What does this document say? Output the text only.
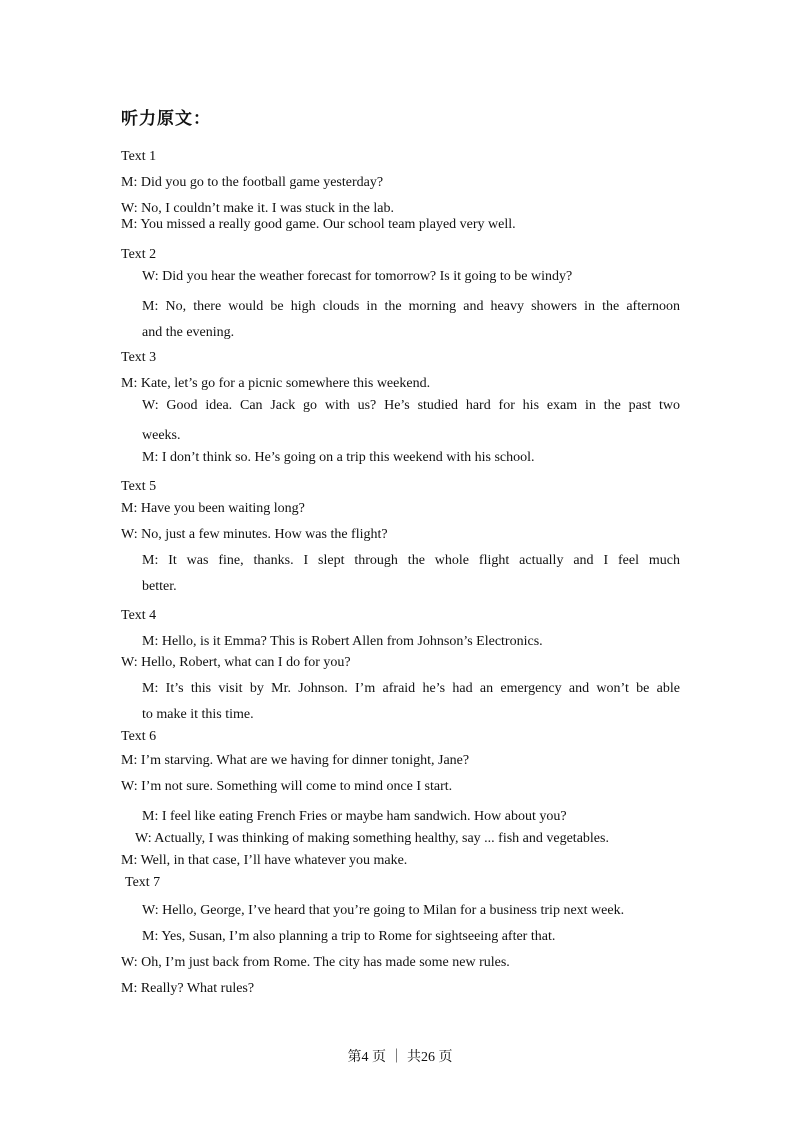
听力原文：
Text 1
M: Did you go to the football game yesterday?
W: No, I couldn’t make it. I was stuck in the lab.
M: You missed a really good game. Our school team played very well.
Text 2
W: Did you hear the weather forecast for tomorrow? Is it going to be windy?
M: No, there would be high clouds in the morning and heavy showers in the afternoon
and the evening.
Text 3
M: Kate, let’s go for a picnic somewhere this weekend.
W: Good idea. Can Jack go with us? He’s studied hard for his exam in the past two
weeks.
M: I don’t think so. He’s going on a trip this weekend with his school.
Text 5
M: Have you been waiting long?
W: No, just a few minutes. How was the flight?
M: It was fine, thanks. I slept through the whole flight actually and I feel much
better.
Text 4
M: Hello, is it Emma? This is Robert Allen from Johnson’s Electronics.
W: Hello, Robert, what can I do for you?
M: It’s this visit by Mr. Johnson. I’m afraid he’s had an emergency and won’t be able
to make it this time.
Text 6
M: I’m starving. What are we having for dinner tonight, Jane?
W: I’m not sure. Something will come to mind once I start.
M: I feel like eating French Fries or maybe ham sandwich. How about you?
W: Actually, I was thinking of making something healthy, say ... fish and vegetables.
M: Well, in that case, I’ll have whatever you make.
Text 7
W: Hello, George, I’ve heard that you’re going to Milan for a business trip next week.
M: Yes, Susan, I’m also planning a trip to Rome for sightseeing after that.
W: Oh, I’m just back from Rome. The city has made some new rules.
M: Really? What rules?
第4 页 ｜ 共26 页
